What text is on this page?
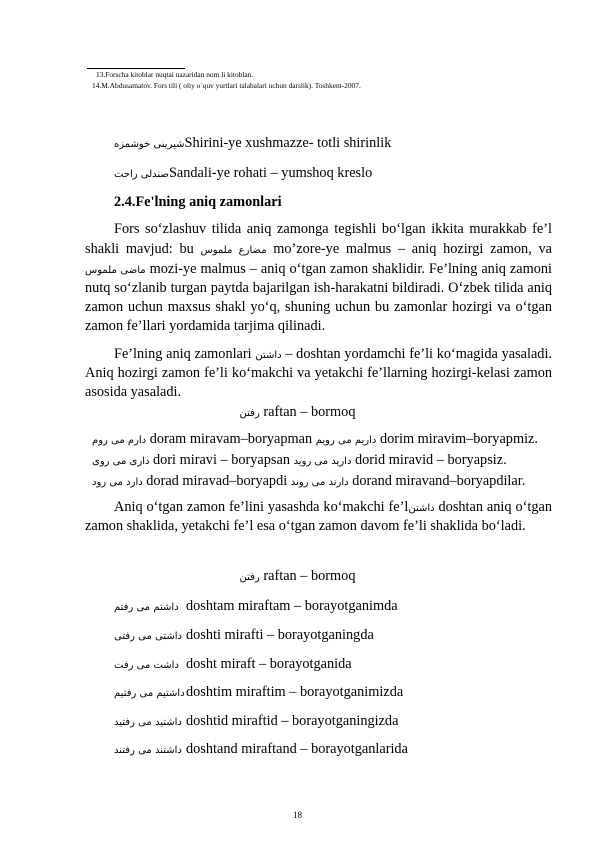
13.Forscha kitoblar nuqtai nazaridan nom li kitoblan.
14.M.Abdusamatov. Fors tili ( oliy o`quv yurtlari talabalari uchun darslik). Toshkent-2007.
شیرینی خوشمزهShirini-ye xushmazze- totli shirinlik
صندلی راحتSandali-ye rohati – yumshoq kreslo
2.4.Fe'lning aniq zamonlari
Fors so‘zlashuv tilida aniq zamonga tegishli bo‘lgan ikkita murakkab fe’l
shakli mavjud: bu مضارع ملموس mo’zore-ye malmus – aniq hozirgi zamon, va
ماضی ملموس mozi-ye malmus – aniq o‘tgan zamon shaklidir. Fe’lning aniq zamoni
nutq so‘zlanib turgan paytda bajarilgan ish-harakatni bildiradi. O‘zbek tilida aniq
zamon uchun maxsus shakl yo‘q, shuning uchun bu zamonlar hozirgi va o‘tgan
zamon fe’llari yordamida tarjima qilinadi.
Fe’lning aniq zamonlari داشتن – doshtan yordamchi fe’li ko‘magida yasaladi.
Aniq hozirgi zamon fe’li ko‘makchi va yetakchi fe’llarning hozirgi-kelasi zamon
asosida yasaladi.
رفتن raftan – bormoq
دارم می روم doram miravam–boryapman داریم می رویم dorim miravim–boryapmiz.
داری می روی dori miravi – boryapsan دارید می روید dorid miravid – boryapsiz.
دارد می رود dorad miravad–boryapdi دارند می روند dorand miravand–boryapdilar.
Aniq o‘tgan zamon fe’lini yasashda ko‘makchi fe’lداشتن doshtan aniq o‘tgan
zamon shaklida, yetakchi fe’l esa o‘tgan zamon davom fe’li shaklida bo‘ladi.
رفتن raftan – bormoq
داشتم می رفتم doshtam miraftam – borayotganimda
داشتی می رفتی doshti mirafti – borayotganingda
داشت می رفت dosht miraft – borayotganida
داشتیم می رفتیمdoshtim miraftim – borayotganimizda
داشتید می رفتید doshtid miraftid – borayotganingizda
داشتند می رفتند doshtand miraftand – borayotganlarida
18
